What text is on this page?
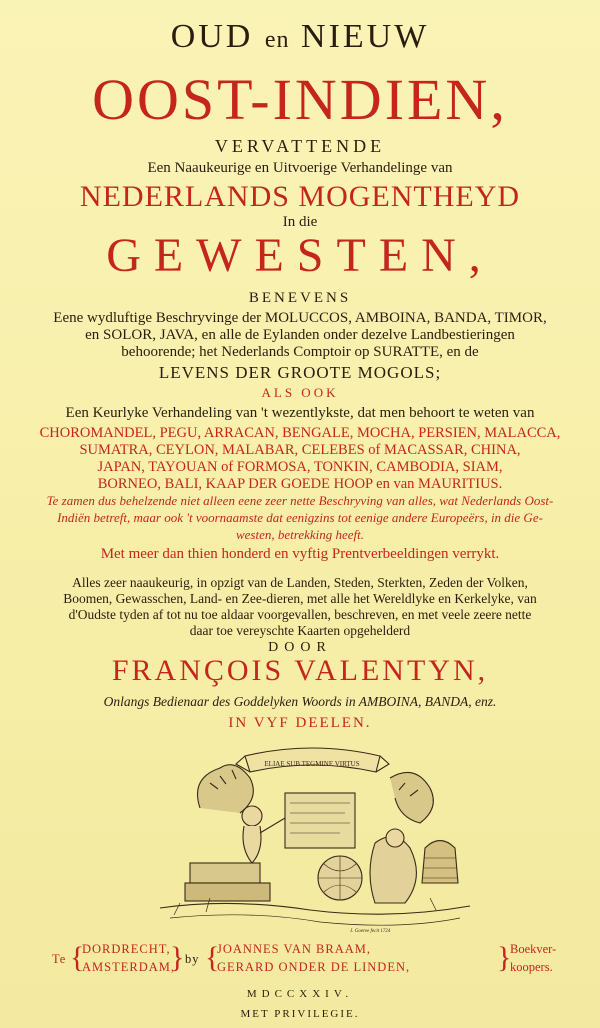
OUD en NIEUW
OOST-INDIEN,
VERVATTENDE
Een Naaukeurige en Uitvoerige Verhandelinge van
NEDERLANDS MOGENTHEYD
In die
GEWESTEN,
BENEVENS
Eene wydluftige Beschryvinge der MOLUCCOS, AMBOINA, BANDA, TIMOR,
en SOLOR, JAVA, en alle de Eylanden onder dezelve Landbestieringen
behoorende; het Nederlands Comptoir op SURATTE, en de
LEVENS DER GROOTE MOGOLS;
ALS OOK
Een Keurlyke Verhandeling van 't wezentlykste, dat men behoort te weten van
CHOROMANDEL, PEGU, ARRACAN, BENGALE, MOCHA, PERSIEN, MALACCA,
SUMATRA, CEYLON, MALABAR, CELEBES of MACASSAR, CHINA,
JAPAN, TAYOUAN of FORMOSA, TONKIN, CAMBODIA, SIAM,
BORNEO, BALI, KAAP DER GOEDE HOOP en van MAURITIUS.
Te zamen dus behelzende niet alleen eene zeer nette Beschryving van alles, wat Nederlands Oost-
Indiën betreft, maar ook 't voornaamste dat eenigzins tot eenige andere Europeërs, in die Ge-
westen, betrekking heeft.
Met meer dan thien honderd en vyftig Prentverbeeldingen verrykt.
Alles zeer naaukeurig, in opzigt van de Landen, Steden, Sterkten, Zeden der Volken,
Boomen, Gewasschen, Land- en Zee-dieren, met alle het Wereldlyke en Kerkelyke, van
d'Oudste tyden af tot nu toe aldaar voorgevallen, beschreven, en met veele zeere nette
daar toe vereyschte Kaarten opgehelderd
DOOR
FRANÇOIS VALENTYN,
Onlangs Bedienaar des Goddelyken Woords in AMBOINA, BANDA, enz.
IN VYF DEELEN.
ELIAE SUB TEGMINE VIRTUS
J. Goeree fecit 1724
Te {
DORDRECHT,
AMSTERDAM,
} by {
JOANNES VAN BRAAM,
GERARD ONDER DE LINDEN,	}
Boekver-
koopers.
MDCCXXIV.
MET PRIVILEGIE.
